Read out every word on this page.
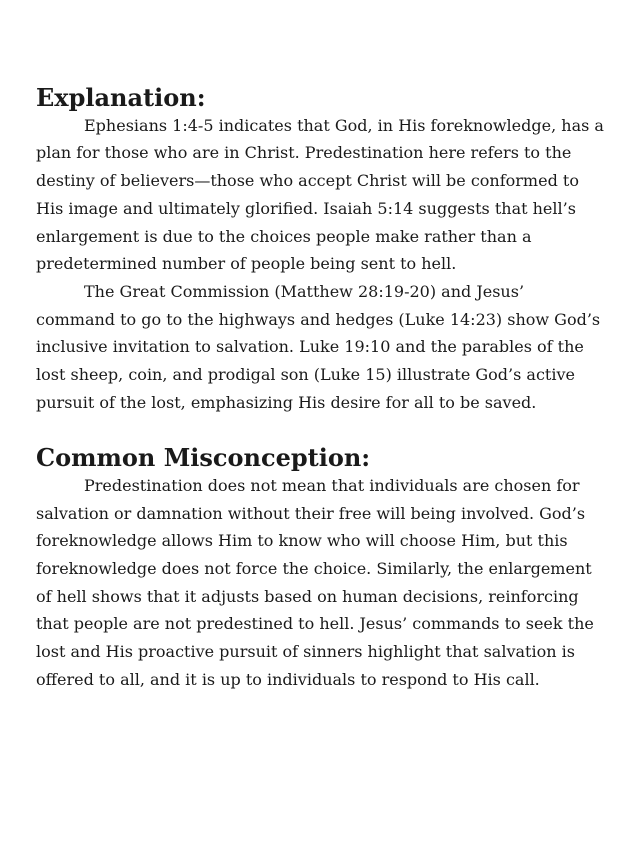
Explanation:

Ephesians 1:4-5 indicates that God, in His foreknowledge, has a plan for those who are in Christ. Predestination here refers to the destiny of believers—those who accept Christ will be conformed to His image and ultimately glorified. Isaiah 5:14 suggests that hell’s enlargement is due to the choices people make rather than a predetermined number of people being sent to hell.

The Great Commission (Matthew 28:19-20) and Jesus’ command to go to the highways and hedges (Luke 14:23) show God’s inclusive invitation to salvation. Luke 19:10 and the parables of the lost sheep, coin, and prodigal son (Luke 15) illustrate God’s active pursuit of the lost, emphasizing His desire for all to be saved.

Common Misconception:

Predestination does not mean that individuals are chosen for salvation or damnation without their free will being involved. God’s foreknowledge allows Him to know who will choose Him, but this foreknowledge does not force the choice. Similarly, the enlargement of hell shows that it adjusts based on human decisions, reinforcing that people are not predestined to hell. Jesus’ commands to seek the lost and His proactive pursuit of sinners highlight that salvation is offered to all, and it is up to individuals to respond to His call.
